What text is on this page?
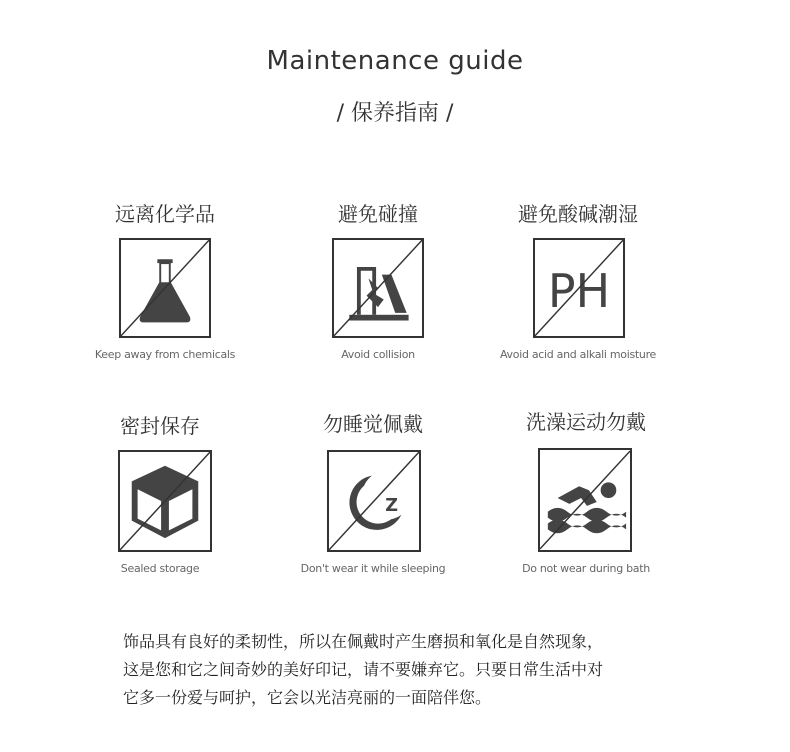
Maintenance guide
/ 保养指南 /
远离化学品
Keep away from chemicals
避免碰撞
Avoid collision
避免酸碱潮湿
PH
Avoid acid and alkali moisture
密封保存
Sealed storage
勿睡觉佩戴
Z
Don't wear it while sleeping
洗澡运动勿戴
Do not wear during bath
饰品具有良好的柔韧性，所以在佩戴时产生磨损和氧化是自然现象，
这是您和它之间奇妙的美好印记，请不要嫌弃它。只要日常生活中对
它多一份爱与呵护，它会以光洁亮丽的一面陪伴您。
